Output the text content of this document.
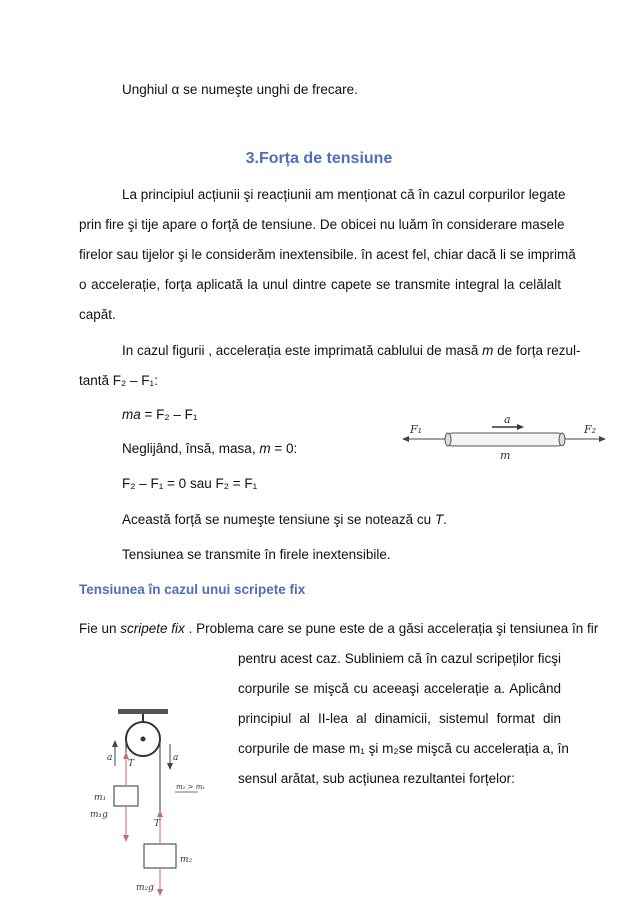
Unghiul α se numeşte unghi de frecare.
3.Forța de tensiune
La principiul acțiunii şi reacțiunii am menționat că în cazul corpurilor legate
prin fire şi tije apare o forță de tensiune. De obicei nu luăm în considerare masele
firelor sau tijelor şi le considerăm inextensibile. în acest fel, chiar dacă li se imprimă
o accelerație, forța aplicată la unul dintre capete se transmite integral la celălalt
capăt.
In cazul figurii , accelerația este imprimată cablului de masă m de forța rezul-
tantă F₂ – F₁:
ma = F₂ – F₁
Neglijând, însă, masa, m = 0:
F₂ – F₁ = 0 sau F₂ = F₁
Această forță se numeşte tensiune şi se notează cu T.
Tensiunea se transmite în firele inextensibile.
Tensiunea în cazul unui scripete fix
Fie un scripete fix . Problema care se pune este de a găsi accelerația şi tensiunea în fir
pentru acest caz. Subliniem că în cazul scripeților ficşi
corpurile se mişcă cu aceeaşi accelerație a. Aplicând
principiul al II-lea al dinamicii, sistemul format din
corpurile de mase m₁ şi m₂se mişcă cu accelerația a, în
sensul arătat, sub acțiunea rezultantei forțelor:
F₁	F₂
a
m
a	a
T
T
m₁
m₁g
m₂
m₂g
m₂ > m₁
